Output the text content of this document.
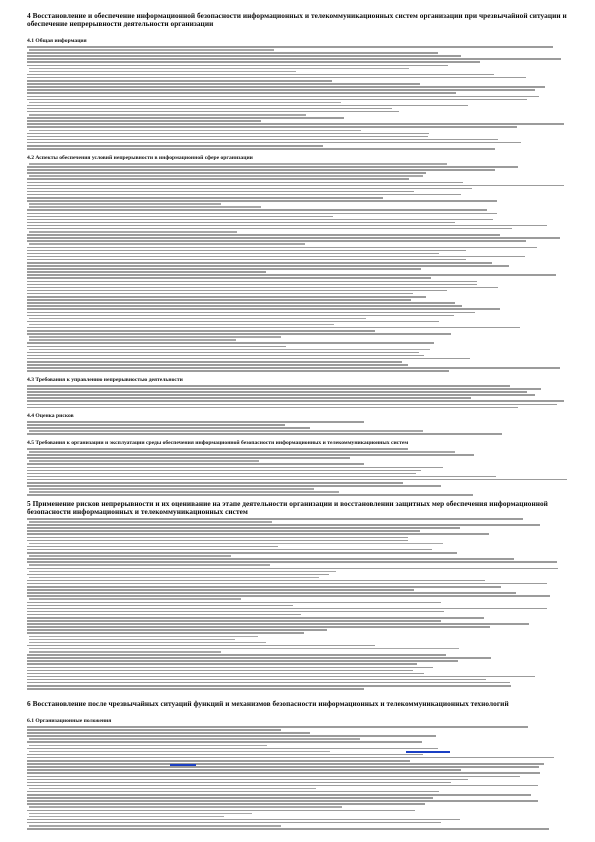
4 Восстановление и обеспечение информационной безопасности информационных и телекоммуникационных систем организации при чрезвычайной ситуации и обеспечение непрерывности деятельности организации

4.1 Общая информация

4.2 Аспекты обеспечения условий непрерывности в информационной сфере организации

4.3 Требования к управлению непрерывностью деятельности

4.4 Оценка рисков

4.5 Требования к организации и эксплуатации среды обеспечения информационной безопасности информационных и телекоммуникационных систем

5 Применение рисков непрерывности и их оценивание на этапе деятельности организации и восстановлении защитных мер обеспечения информационной безопасности информационных и телекоммуникационных систем

6 Восстановление после чрезвычайных ситуаций функций и механизмов безопасности информационных и телекоммуникационных технологий

6.1 Организационные положения
